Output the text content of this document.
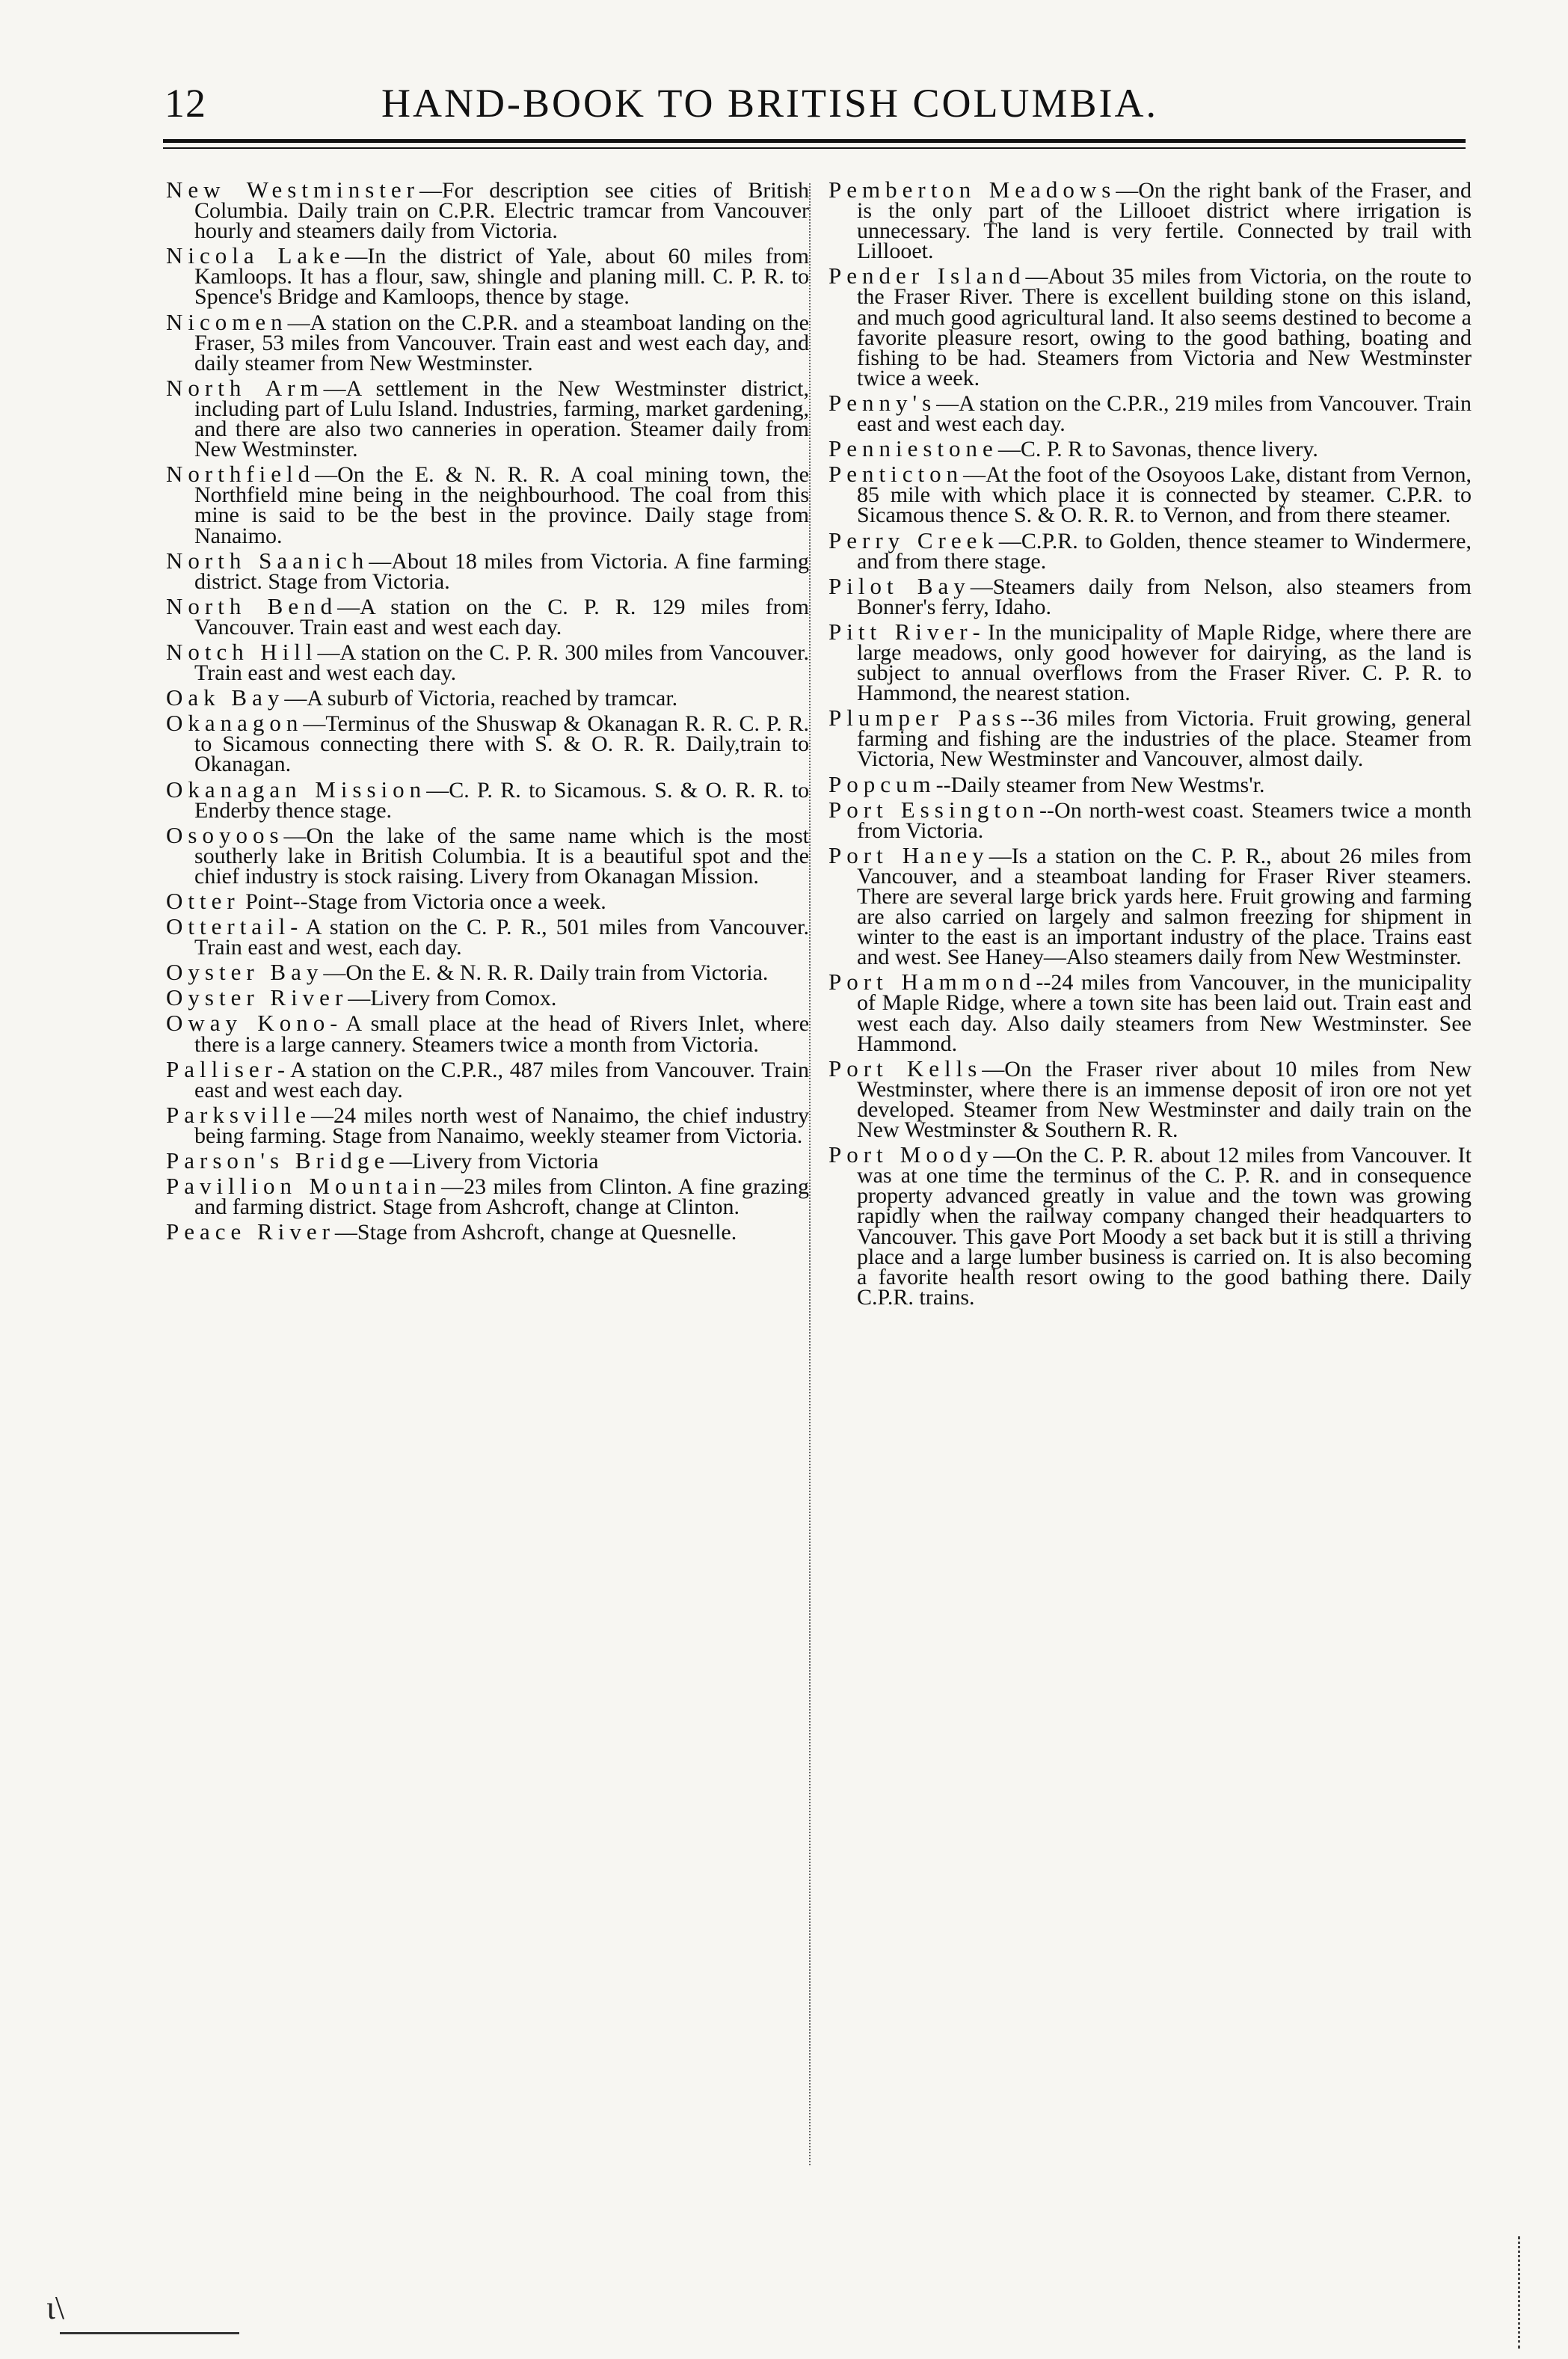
12	HAND-BOOK TO BRITISH COLUMBIA.

New Westminster—For description see cities of British Columbia. Daily train on C.P.R. Electric tramcar from Vancouver hourly and steamers daily from Victoria.

Nicola Lake—In the district of Yale, about 60 miles from Kamloops. It has a flour, saw, shingle and planing mill. C. P. R. to Spence's Bridge and Kamloops, thence by stage.

Nicomen—A station on the C.P.R. and a steamboat landing on the Fraser, 53 miles from Vancouver. Train east and west each day, and daily steamer from New Westminster.

North Arm—A settlement in the New Westminster district, including part of Lulu Island. Industries, farming, market gardening, and there are also two canneries in operation. Steamer daily from New Westminster.

Northfield—On the E. & N. R. R. A coal mining town, the Northfield mine being in the neighbourhood. The coal from this mine is said to be the best in the province. Daily stage from Nanaimo.

North Saanich—About 18 miles from Victoria. A fine farming district. Stage from Victoria.

North Bend—A station on the C. P. R. 129 miles from Vancouver. Train east and west each day.

Notch Hill—A station on the C. P. R. 300 miles from Vancouver. Train east and west each day.

Oak Bay—A suburb of Victoria, reached by tramcar.

Okanagon—Terminus of the Shuswap & Okanagan R. R. C. P. R. to Sicamous connecting there with S. & O. R. R. Daily,train to Okanagan.

Okanagan Mission—C. P. R. to Sicamous. S. & O. R. R. to Enderby thence stage.

Osoyoos—On the lake of the same name which is the most southerly lake in British Columbia. It is a beautiful spot and the chief industry is stock raising. Livery from Okanagan Mission.

Otter Point--Stage from Victoria once a week.

Ottertail- A station on the C. P. R., 501 miles from Vancouver. Train east and west, each day.

Oyster Bay—On the E. & N. R. R. Daily train from Victoria.

Oyster River—Livery from Comox.

Oway Kono- A small place at the head of Rivers Inlet, where there is a large cannery. Steamers twice a month from Victoria.

Palliser- A station on the C.P.R., 487 miles from Vancouver. Train east and west each day.

Parksville—24 miles north west of Nanaimo, the chief industry being farming. Stage from Nanaimo, weekly steamer from Victoria.

Parson's Bridge—Livery from Victoria

Pavillion Mountain—23 miles from Clinton. A fine grazing and farming district. Stage from Ashcroft, change at Clinton.

Peace River—Stage from Ashcroft, change at Quesnelle.

Pemberton Meadows—On the right bank of the Fraser, and is the only part of the Lillooet district where irrigation is unnecessary. The land is very fertile. Connected by trail with Lillooet.

Pender Island—About 35 miles from Victoria, on the route to the Fraser River. There is excellent building stone on this island, and much good agricultural land. It also seems destined to become a favorite pleasure resort, owing to the good bathing, boating and fishing to be had. Steamers from Victoria and New Westminster twice a week.

Penny's—A station on the C.P.R., 219 miles from Vancouver. Train east and west each day.

Penniestone—C. P. R to Savonas, thence livery.

Penticton—At the foot of the Osoyoos Lake, distant from Vernon, 85 mile with which place it is connected by steamer. C.P.R. to Sicamous thence S. & O. R. R. to Vernon, and from there steamer.

Perry Creek—C.P.R. to Golden, thence steamer to Windermere, and from there stage.

Pilot Bay—Steamers daily from Nelson, also steamers from Bonner's ferry, Idaho.

Pitt River- In the municipality of Maple Ridge, where there are large meadows, only good however for dairying, as the land is subject to annual overflows from the Fraser River. C. P. R. to Hammond, the nearest station.

Plumper Pass--36 miles from Victoria. Fruit growing, general farming and fishing are the industries of the place. Steamer from Victoria, New Westminster and Vancouver, almost daily.

Popcum--Daily steamer from New Westms'r.

Port Essington--On north-west coast. Steamers twice a month from Victoria.

Port Haney—Is a station on the C. P. R., about 26 miles from Vancouver, and a steamboat landing for Fraser River steamers. There are several large brick yards here. Fruit growing and farming are also carried on largely and salmon freezing for shipment in winter to the east is an important industry of the place. Trains east and west. See Haney—Also steamers daily from New Westminster.

Port Hammond--24 miles from Vancouver, in the municipality of Maple Ridge, where a town site has been laid out. Train east and west each day. Also daily steamers from New Westminster. See Hammond.

Port Kells—On the Fraser river about 10 miles from New Westminster, where there is an immense deposit of iron ore not yet developed. Steamer from New Westminster and daily train on the New Westminster & Southern R. R.

Port Moody—On the C. P. R. about 12 miles from Vancouver. It was at one time the terminus of the C. P. R. and in consequence property advanced greatly in value and the town was growing rapidly when the railway company changed their headquarters to Vancouver. This gave Port Moody a set back but it is still a thriving place and a large lumber business is carried on. It is also becoming a favorite health resort owing to the good bathing there. Daily C.P.R. trains.

ι\
